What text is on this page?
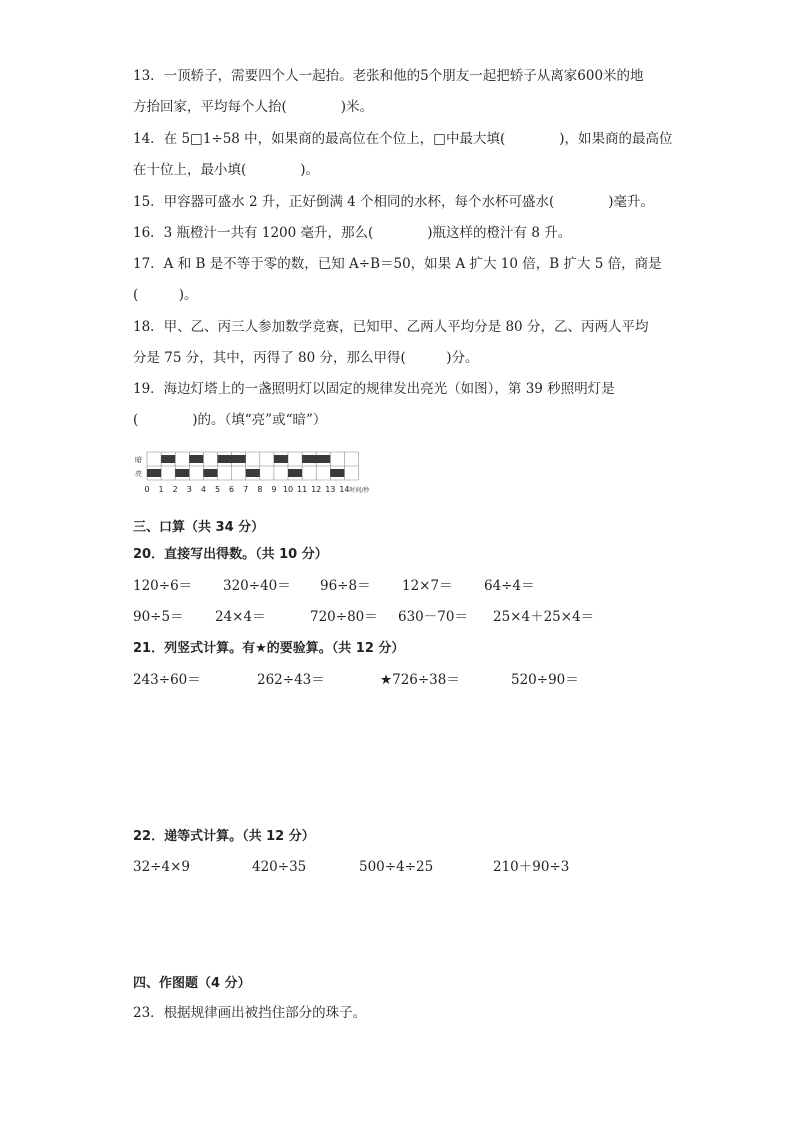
13．一顶轿子，需要四个人一起抬。老张和他的5个朋友一起把轿子从离家600米的地
方抬回家，平均每个人抬(　　　　)米。
14．在 5□1÷58 中，如果商的最高位在个位上，□中最大填(　　　　)，如果商的最高位
在十位上，最小填(　　　　)。
15．甲容器可盛水 2 升，正好倒满 4 个相同的水杯，每个水杯可盛水(　　　　)毫升。
16．3 瓶橙汁一共有 1200 毫升，那么(　　　　)瓶这样的橙汁有 8 升。
17．A 和 B 是不等于零的数，已知 A÷B＝50，如果 A 扩大 10 倍，B 扩大 5 倍，商是
(　　　)。
18．甲、乙、丙三人参加数学竞赛，已知甲、乙两人平均分是 80 分，乙、丙两人平均
分是 75 分，其中，丙得了 80 分，那么甲得(　　　)分。
19．海边灯塔上的一盏照明灯以固定的规律发出亮光（如图），第 39 秒照明灯是
(　　　　)的。（填“亮”或“暗”）
暗
亮
0 1 2 3 4 5 6 7 8 9 10 11 12 13 14 时间/秒
三、口算（共 34 分）
20．直接写出得数。（共 10 分）
120÷6＝ 320÷40＝ 96÷8＝ 12×7＝ 64÷4＝
90÷5＝ 24×4＝	720÷80＝ 630－70＝ 25×4＋25×4＝
21．列竖式计算。有★的要验算。（共 12 分）
243÷60＝	262÷43＝	★726÷38＝	520÷90＝
22．递等式计算。（共 12 分）
32÷4×9	420÷35	500÷4÷25	210＋90÷3
四、作图题（4 分）
23．根据规律画出被挡住部分的珠子。
